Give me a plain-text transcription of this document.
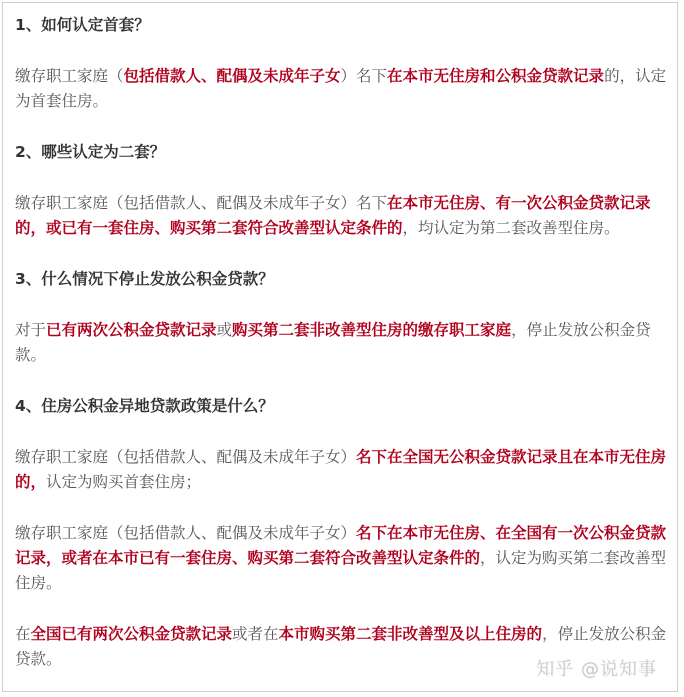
1、如何认定首套？

缴存职工家庭（包括借款人、配偶及未成年子女）名下在本市无住房和公积金贷款记录的，认定为首套住房。

2、哪些认定为二套？

缴存职工家庭（包括借款人、配偶及未成年子女）名下在本市无住房、有一次公积金贷款记录的，或已有一套住房、购买第二套符合改善型认定条件的，均认定为第二套改善型住房。

3、什么情况下停止发放公积金贷款？

对于已有两次公积金贷款记录或购买第二套非改善型住房的缴存职工家庭，停止发放公积金贷款。

4、住房公积金异地贷款政策是什么？

缴存职工家庭（包括借款人、配偶及未成年子女）名下在全国无公积金贷款记录且在本市无住房的，认定为购买首套住房；

缴存职工家庭（包括借款人、配偶及未成年子女）名下在本市无住房、在全国有一次公积金贷款记录，或者在本市已有一套住房、购买第二套符合改善型认定条件的，认定为购买第二套改善型住房。

在全国已有两次公积金贷款记录或者在本市购买第二套非改善型及以上住房的，停止发放公积金贷款。	知乎 @说知事
